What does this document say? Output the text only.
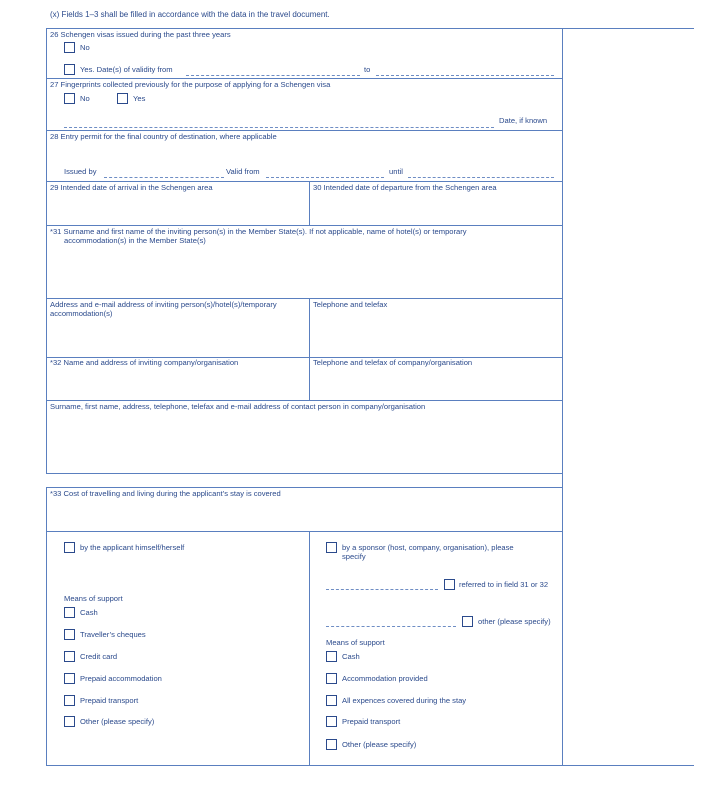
(x) Fields 1–3 shall be filled in accordance with the data in the travel document.
26 Schengen visas issued during the past three years
No
Yes. Date(s) of validity from	to
27 Fingerprints collected previously for the purpose of applying for a Schengen visa
No	Yes
Date, if known
28 Entry permit for the final country of destination, where applicable
Issued by	Valid from	until
29 Intended date of arrival in the Schengen area	30 Intended date of departure from the Schengen area
*31 Surname and first name of the inviting person(s) in the Member State(s). If not applicable, name of hotel(s) or temporary
accommodation(s) in the Member State(s)
Address and e-mail address of inviting person(s)/hotel(s)/temporary
accommodation(s)
Telephone and telefax
*32 Name and address of inviting company/organisation	Telephone and telefax of company/organisation
Surname, first name, address, telephone, telefax and e-mail address of contact person in company/organisation
*33 Cost of travelling and living during the applicant’s stay is covered
by the applicant himself/herself
Means of support
Cash
Traveller’s cheques
Credit card
Prepaid accommodation
Prepaid transport
Other (please specify)
by a sponsor (host, company, organisation), please
specify
referred to in field 31 or 32
other (please specify)
Means of support
Cash
Accommodation provided
All expences covered during the stay
Prepaid transport
Other (please specify)
